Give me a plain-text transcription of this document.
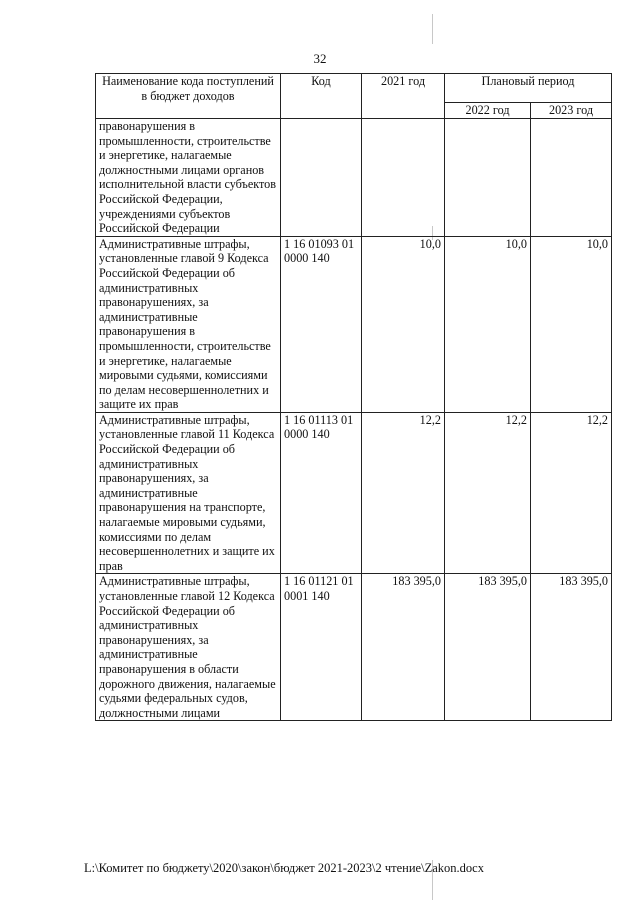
32
Наименование кода поступлений в бюджет доходов	Код	2021 год	Плановый период	
			2022 год	2023 год
правонарушения в промышленности, строительстве и энергетике, налагаемые должностными лицами органов исполнительной власти субъектов Российской Федерации, учреждениями субъектов Российской Федерации				
Административные штрафы, установленные главой 9 Кодекса Российской Федерации об административных правонарушениях, за административные правонарушения в промышленности, строительстве и энергетике, налагаемые мировыми судьями, комиссиями по делам несовершеннолетних и защите их прав	1 16 01093 01 0000 140	10,0	10,0	10,0
Административные штрафы, установленные главой 11 Кодекса Российской Федерации об административных правонарушениях, за административные правонарушения на транспорте, налагаемые мировыми судьями, комиссиями по делам несовершеннолетних и защите их прав	1 16 01113 01 0000 140	12,2	12,2	12,2
Административные штрафы, установленные главой 12 Кодекса Российской Федерации об административных правонарушениях, за административные правонарушения в области дорожного движения, налагаемые судьями федеральных судов, должностными лицами	1 16 01121 01 0001 140	183 395,0	183 395,0	183 395,0
L:\Комитет по бюджету\2020\закон\бюджет 2021-2023\2 чтение\Zakon.docx
